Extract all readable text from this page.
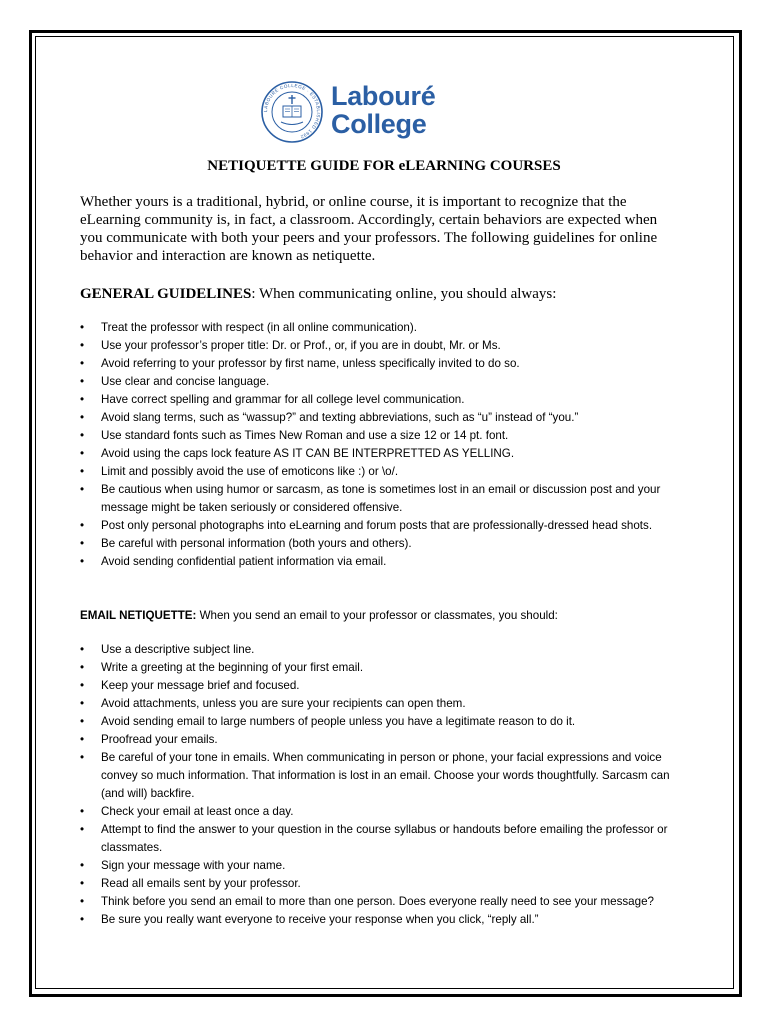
LABOURÉ COLLEGE · ESTABLISHED 1892
Labouré
College
NETIQUETTE GUIDE FOR eLEARNING COURSES

Whether yours is a traditional, hybrid, or online course, it is important to recognize that the eLearning community is, in fact, a classroom. Accordingly, certain behaviors are expected when you communicate with both your peers and your professors. The following guidelines for online behavior and interaction are known as netiquette.

GENERAL GUIDELINES: When communicating online, you should always:

• Treat the professor with respect (in all online communication).
• Use your professor’s proper title: Dr. or Prof., or, if you are in doubt, Mr. or Ms.
• Avoid referring to your professor by first name, unless specifically invited to do so.
• Use clear and concise language.
• Have correct spelling and grammar for all college level communication.
• Avoid slang terms, such as “wassup?” and texting abbreviations, such as “u” instead of “you.”
• Use standard fonts such as Times New Roman and use a size 12 or 14 pt. font.
• Avoid using the caps lock feature AS IT CAN BE INTERPRETTED AS YELLING.
• Limit and possibly avoid the use of emoticons like :) or \o/.
• Be cautious when using humor or sarcasm, as tone is sometimes lost in an email or discussion post and your message might be taken seriously or considered offensive.
• Post only personal photographs into eLearning and forum posts that are professionally-dressed head shots.
• Be careful with personal information (both yours and others).
• Avoid sending confidential patient information via email.

EMAIL NETIQUETTE: When you send an email to your professor or classmates, you should:

• Use a descriptive subject line.
• Write a greeting at the beginning of your first email.
• Keep your message brief and focused.
• Avoid attachments, unless you are sure your recipients can open them.
• Avoid sending email to large numbers of people unless you have a legitimate reason to do it.
• Proofread your emails.
• Be careful of your tone in emails. When communicating in person or phone, your facial expressions and voice convey so much information. That information is lost in an email. Choose your words thoughtfully. Sarcasm can (and will) backfire.
• Check your email at least once a day.
• Attempt to find the answer to your question in the course syllabus or handouts before emailing the professor or classmates.
• Sign your message with your name.
• Read all emails sent by your professor.
• Think before you send an email to more than one person. Does everyone really need to see your message?
• Be sure you really want everyone to receive your response when you click, “reply all.”
